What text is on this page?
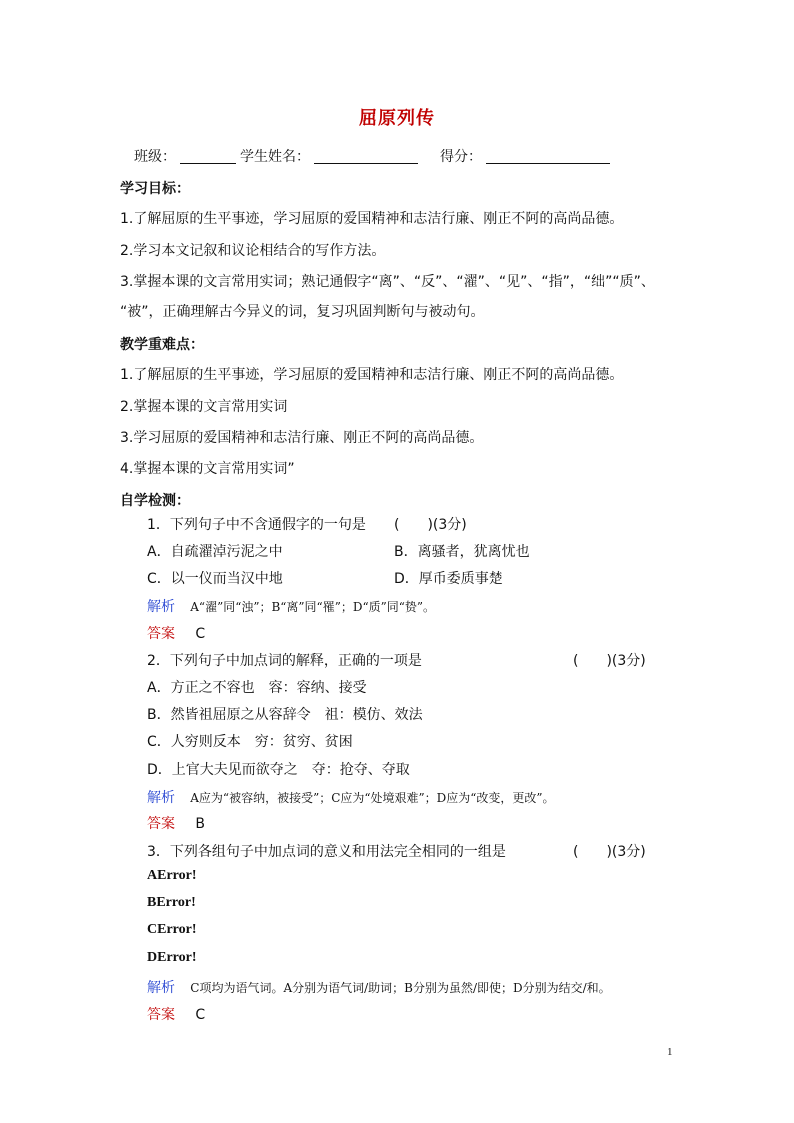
屈原列传
班级：	学生姓名：	得分：
学习目标：
1.了解屈原的生平事迹，学习屈原的爱国精神和志洁行廉、刚正不阿的高尚品德。
2.学习本文记叙和议论相结合的写作方法。
3.掌握本课的文言常用实词；熟记通假字“离”、“反”、“濯”、“见”、“指”，“绌”“质”、
“被”，正确理解古今异义的词，复习巩固判断句与被动句。
教学重难点：
1.了解屈原的生平事迹，学习屈原的爱国精神和志洁行廉、刚正不阿的高尚品德。
2.掌握本课的文言常用实词
3.学习屈原的爱国精神和志洁行廉、刚正不阿的高尚品德。
4.掌握本课的文言常用实词”
自学检测：
1．下列句子中不含通假字的一句是 (　　)(3分)
A．自疏濯淖污泥之中	B．离骚者，犹离忧也
C．以一仪而当汉中地	D．厚币委质事楚
解析 A“濯”同“浊”；B“离”同“罹”；D“质”同“贽”。
答案 C
2．下列句子中加点词的解释，正确的一项是	(　　)(3分)
A．方正之不容也　容：容纳、接受
B．然皆祖屈原之从容辞令　祖：模仿、效法
C．人穷则反本　穷：贫穷、贫困
D．上官大夫见而欲夺之　夺：抢夺、夺取
解析 A应为“被容纳，被接受”；C应为“处境艰难”；D应为“改变，更改”。
答案 B
3．下列各组句子中加点词的意义和用法完全相同的一组是	(　　)(3分)
AError!
BError!
CError!
DError!
解析 C项均为语气词。A分别为语气词/助词；B分别为虽然/即使；D分别为结交/和。
答案 C
1
